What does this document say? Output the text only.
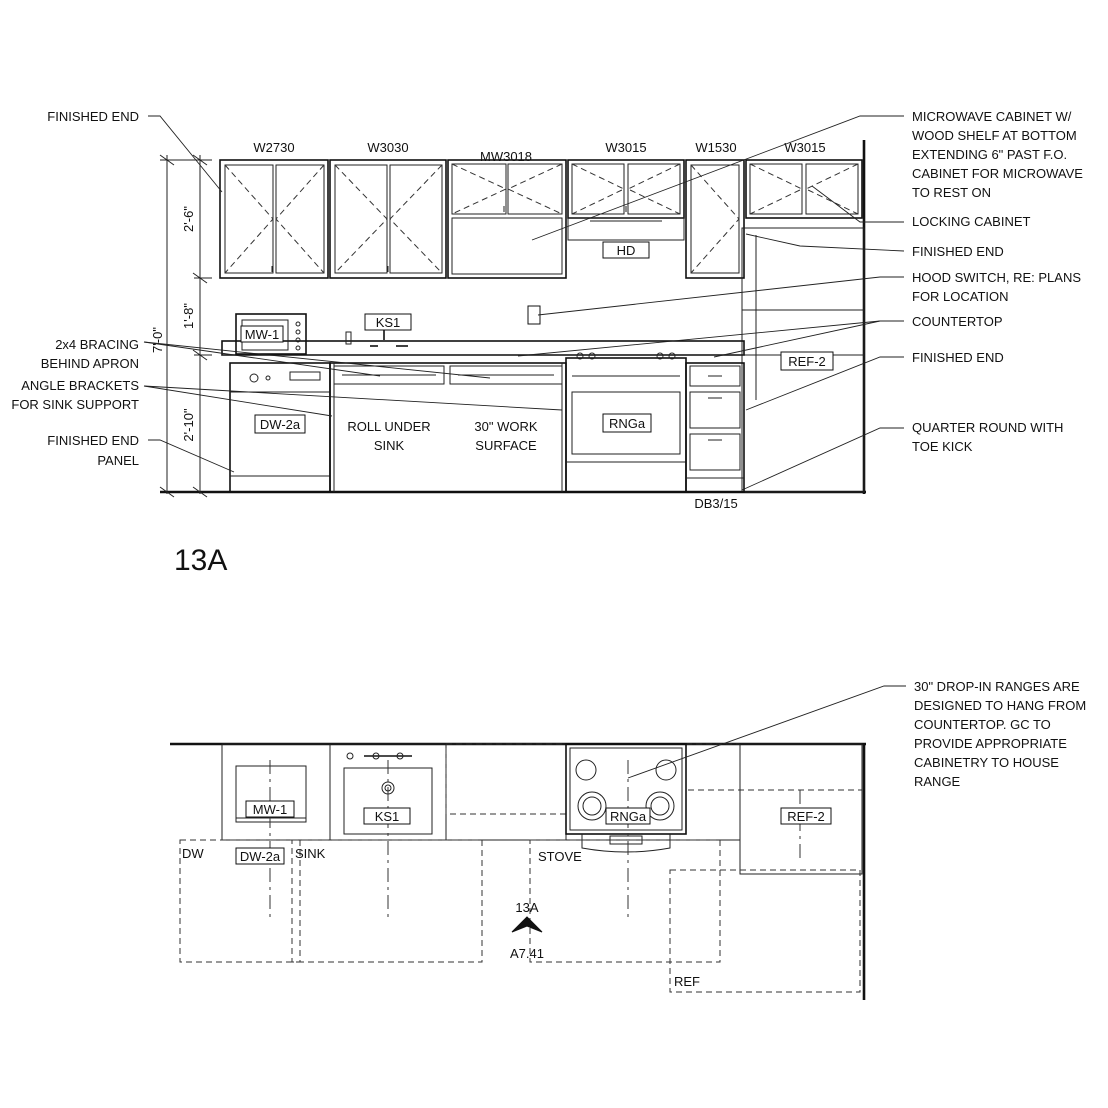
7'-0"
2'-6"
1'-8"
2'-10"
MW-1
KS1
HD
REF-2
DW-2a	RNGa
W2730	W3030
MW3018
W3015	W1530	W3015
ROLL UNDER
SINK
30" WORK
SURFACE
DB3/15
FINISHED END
2x4 BRACING
BEHIND APRON
ANGLE BRACKETS
FOR SINK SUPPORT
FINISHED END
PANEL
MICROWAVE CABINET W/
WOOD SHELF AT BOTTOM
EXTENDING 6" PAST F.O.
CABINET FOR MICROWAVE
TO REST ON
LOCKING CABINET
FINISHED END
HOOD SWITCH, RE: PLANS
FOR LOCATION
COUNTERTOP
FINISHED END
QUARTER ROUND WITH
TOE KICK
13A
MW-1	KS1	RNGa	REF-2
DW-2a
DW	SINK	STOVE
REF
13A
A7.41
30" DROP-IN RANGES ARE
DESIGNED TO HANG FROM
COUNTERTOP. GC TO
PROVIDE APPROPRIATE
CABINETRY TO HOUSE
RANGE
